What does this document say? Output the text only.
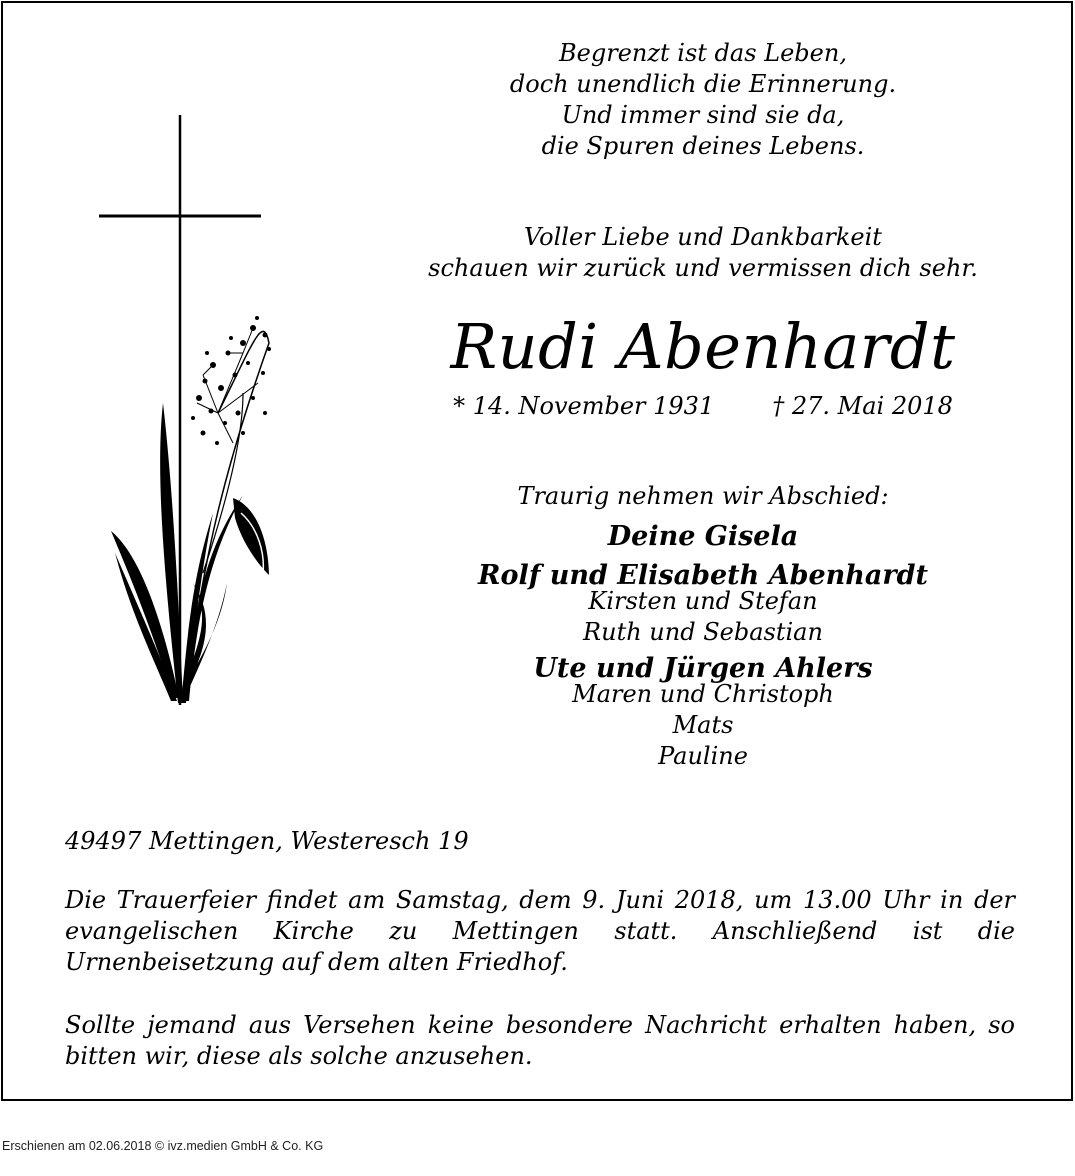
Begrenzt ist das Leben,
doch unendlich die Erinnerung.
Und immer sind sie da,
die Spuren deines Lebens.
Voller Liebe und Dankbarkeit
schauen wir zurück und vermissen dich sehr.
Rudi Abenhardt
* 14. November 1931 † 27. Mai 2018
Traurig nehmen wir Abschied:
Deine Gisela
Rolf und Elisabeth Abenhardt
Kirsten und Stefan
Ruth und Sebastian
Ute und Jürgen Ahlers
Maren und Christoph
Mats
Pauline

49497 Mettingen, Westeresch 19

Die Trauerfeier findet am Samstag, dem 9. Juni 2018, um 13.00 Uhr in der evangelischen Kirche zu Mettingen statt. Anschließend ist die Urnenbeisetzung auf dem alten Friedhof.

Sollte jemand aus Versehen keine besondere Nachricht erhalten haben, so bitten wir, diese als solche anzusehen.

Erschienen am 02.06.2018 © ivz.medien GmbH & Co. KG
